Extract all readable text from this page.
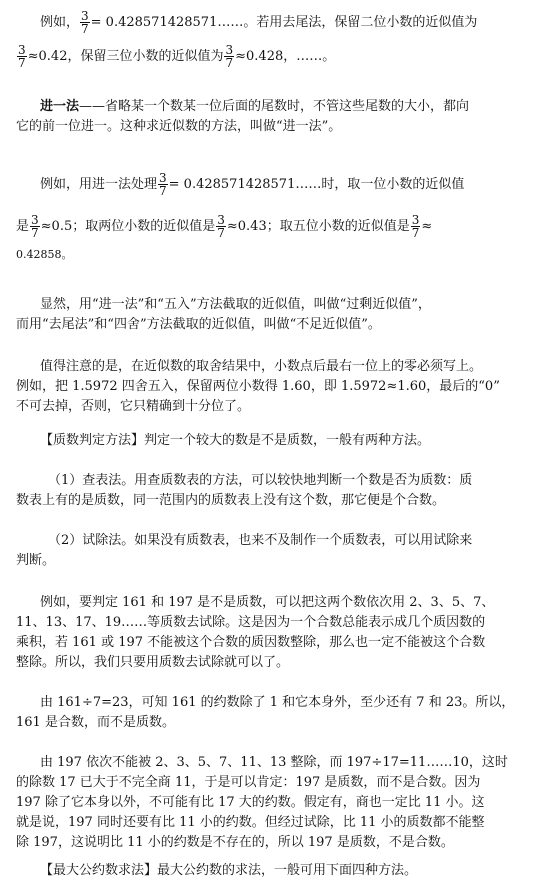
例如， $\frac{3}{7}$ = 0.428571428571……。若用去尾法，保留二位小数的近似值为
$\frac{3}{7} \approx 0.42$，保留三位小数的近似值为 $\frac{3}{7} \approx 0.428$，……。
进一法——省略某一个数某一位后面的尾数时，不管这些尾数的大小，都向
它的前一位进一。这种求近似数的方法，叫做“进一法”。
例如，用进一法处理 $\frac{3}{7}$ = 0.428571428571……时，取一位小数的近似值
是 $\frac{3}{7} \approx 0.5$；取两位小数的近似值是 $\frac{3}{7} \approx 0.43$；取五位小数的近似值是 $\frac{3}{7}$ ≈
0.42858。
显然，用“进一法”和“五入”方法截取的近似值，叫做“过剩近似值”，
而用“去尾法”和“四舍”方法截取的近似值，叫做“不足近似值”。
值得注意的是，在近似数的取舍结果中，小数点后最右一位上的零必须写上。
例如，把 1.5972 四舍五入，保留两位小数得 1.60，即 1.5972≈1.60，最后的“0”
不可去掉，否则，它只精确到十分位了。
【质数判定方法】判定一个较大的数是不是质数，一般有两种方法。
（1）查表法。用查质数表的方法，可以较快地判断一个数是否为质数：质
数表上有的是质数，同一范围内的质数表上没有这个数，那它便是个合数。
（2）试除法。如果没有质数表，也来不及制作一个质数表，可以用试除来
判断。
例如，要判定 161 和 197 是不是质数，可以把这两个数依次用 2、3、5、7、
11、13、17、19……等质数去试除。这是因为一个合数总能表示成几个质因数的
乘积，若 161 或 197 不能被这个合数的质因数整除，那么也一定不能被这个合数
整除。所以，我们只要用质数去试除就可以了。
由 161÷7=23，可知 161 的约数除了 1 和它本身外，至少还有 7 和 23。所以，
161 是合数，而不是质数。
由 197 依次不能被 2、3、5、7、11、13 整除，而 197÷17=11……10，这时
的除数 17 已大于不完全商 11，于是可以肯定：197 是质数，而不是合数。因为
197 除了它本身以外，不可能有比 17 大的约数。假定有，商也一定比 11 小。这
就是说，197 同时还要有比 11 小的约数。但经过试除，比 11 小的质数都不能整
除 197，这说明比 11 小的约数是不存在的，所以 197 是质数，不是合数。
【最大公约数求法】最大公约数的求法，一般可用下面四种方法。
